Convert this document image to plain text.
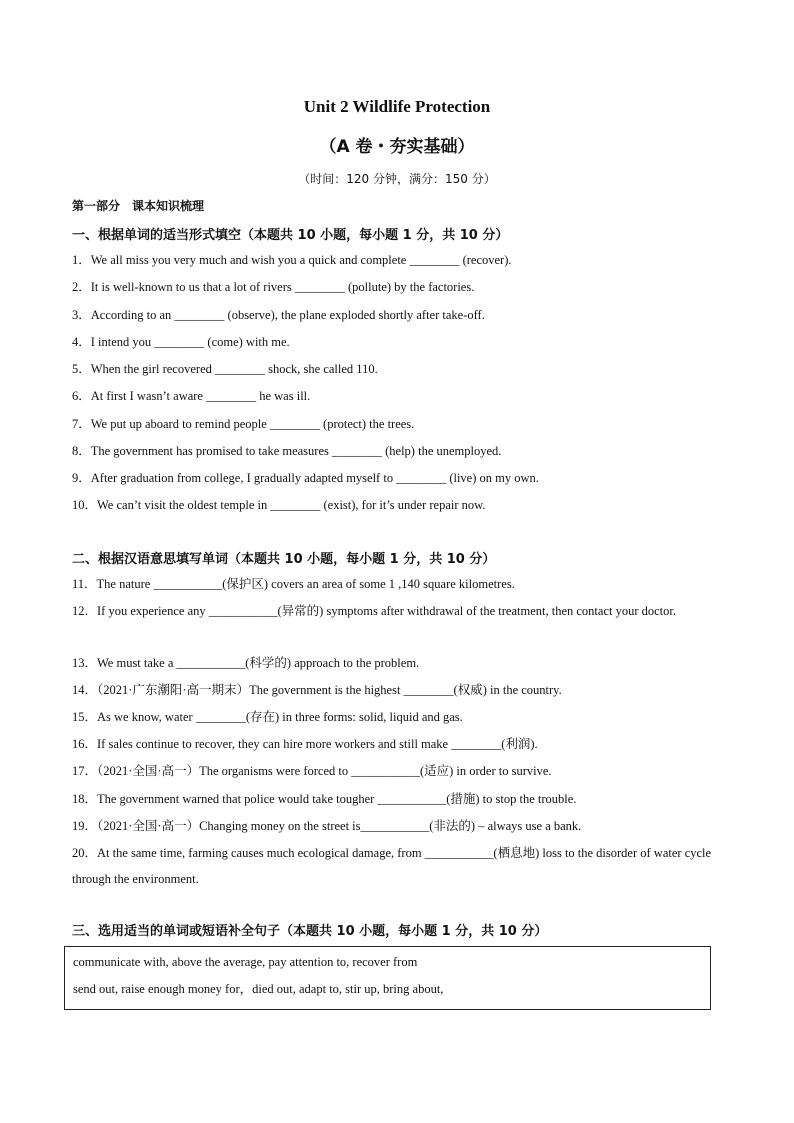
Unit 2 Wildlife Protection
（A 卷・夯实基础）
（时间：120 分钟，满分：150 分）
第一部分　课本知识梳理
一、根据单词的适当形式填空（本题共 10 小题，每小题 1 分，共 10 分）
1．We all miss you very much and wish you a quick and complete ________ (recover).
2．It is well-known to us that a lot of rivers ________ (pollute) by the factories.
3．According to an ________ (observe), the plane exploded shortly after take-off.
4．I intend you ________ (come) with me.
5．When the girl recovered ________ shock, she called 110.
6．At first I wasn’t aware ________ he was ill.
7．We put up aboard to remind people ________ (protect) the trees.
8．The government has promised to take measures ________ (help) the unemployed.
9．After graduation from college, I gradually adapted myself to ________ (live) on my own.
10．We can’t visit the oldest temple in ________ (exist), for it’s under repair now.
二、根据汉语意思填写单词（本题共 10 小题，每小题 1 分，共 10 分）
11．The nature ___________(保护区) covers an area of some 1 ,140 square kilometres.
12．If you experience any ___________(异常的) symptoms after withdrawal of the treatment, then contact your doctor.
13．We must take a ___________(科学的) approach to the problem.
14．（2021·广东潮阳·高一期末）The government is the highest ________(权威) in the country.
15．As we know, water ________(存在) in three forms: solid, liquid and gas.
16．If sales continue to recover, they can hire more workers and still make ________(利润).
17．（2021·全国·高一）The organisms were forced to ___________(适应) in order to survive.
18．The government warned that police would take tougher ___________(措施) to stop the trouble.
19．（2021·全国·高一）Changing money on the street is___________(非法的) – always use a bank.
20．At the same time, farming causes much ecological damage, from ___________(栖息地) loss to the disorder of water cycle through the environment.
三、选用适当的单词或短语补全句子（本题共 10 小题，每小题 1 分，共 10 分）
communicate with, above the average, pay attention to, recover from
send out, raise enough money for，died out, adapt to, stir up, bring about,
